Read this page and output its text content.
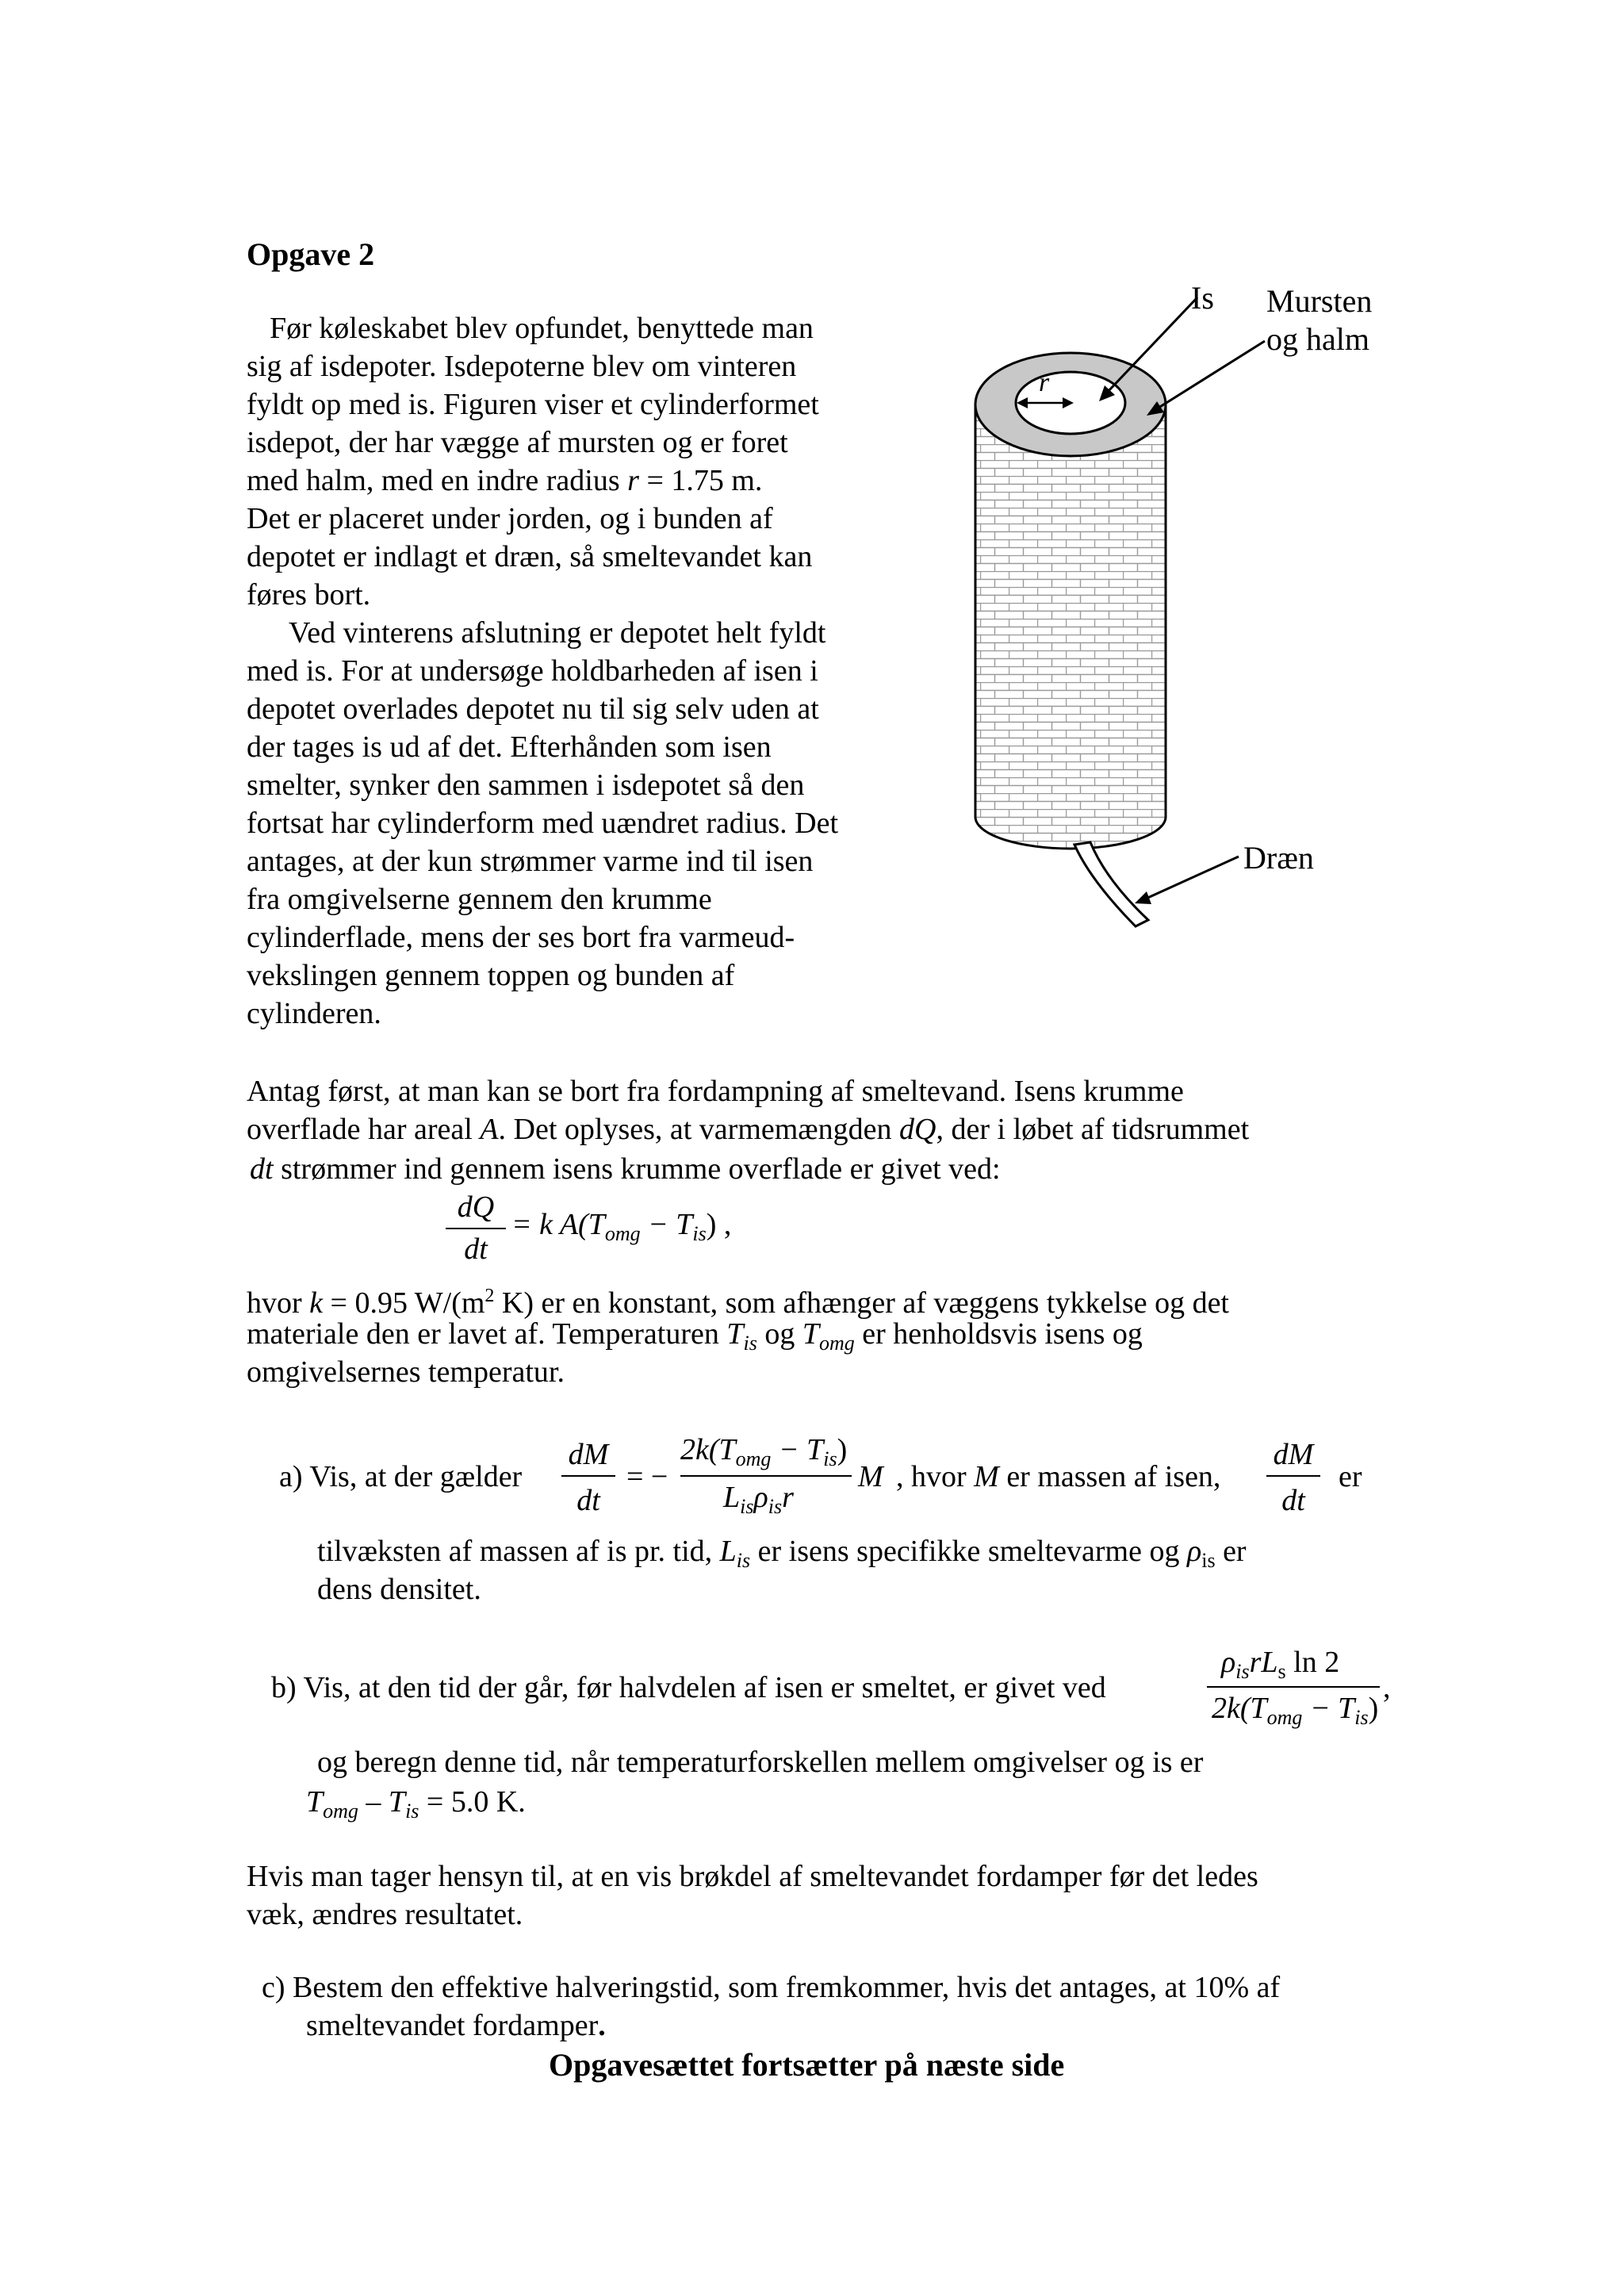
Opgave 2
Før køleskabet blev opfundet, benyttede man
sig af isdepoter. Isdepoterne blev om vinteren
fyldt op med is. Figuren viser et cylinderformet
isdepot, der har vægge af mursten og er foret
med halm, med en indre radius r = 1.75 m.
Det er placeret under jorden, og i bunden af
depotet er indlagt et dræn, så smeltevandet kan
føres bort.
Ved vinterens afslutning er depotet helt fyldt
med is. For at undersøge holdbarheden af isen i
depotet overlades depotet nu til sig selv uden at
der tages is ud af det. Efterhånden som isen
smelter, synker den sammen i isdepotet så den
fortsat har cylinderform med uændret radius. Det
antages, at der kun strømmer varme ind til isen
fra omgivelserne gennem den krumme
cylinderflade, mens der ses bort fra varmeud-
vekslingen gennem toppen og bunden af
cylinderen.
Is Mursten
og halm
r
Dræn
Antag først, at man kan se bort fra fordampning af smeltevand. Isens krumme
overflade har areal A. Det oplyses, at varmemængden dQ, der i løbet af tidsrummet
dt strømmer ind gennem isens krumme overflade er givet ved:
dQ
dt
= k $A(T_{omg} - T_{is})$ ,
hvor k = 0.95 $W/(m^2$ K) er en konstant, som afhænger af væggens tykkelse og det
materiale den er lavet af. Temperaturen $T_{is}$ og $T_{omg}$ er henholdsvis isens og
omgivelsernes temperatur.
a) Vis, at der gælder
dM
dt
= −
$2k(T_{omg} - T_{is})$
$L_{is}\rho_{is}r$
M , hvor M er massen af isen,
dM
dt
er
tilvæksten af massen af is pr. tid, $L_{is}$ er isens specifikke smeltevarme og $\rho_{is}$ er
dens densitet.
b) Vis, at den tid der går, før halvdelen af isen er smeltet, er givet ved
$\rho_{is}rL_s$ ln 2
$2k(T_{omg} - T_{is})$
,
og beregn denne tid, når temperaturforskellen mellem omgivelser og is er
$T_{omg} - T_{is} = 5.0$ K.
Hvis man tager hensyn til, at en vis brøkdel af smeltevandet fordamper før det ledes
væk, ændres resultatet.
c) Bestem den effektive halveringstid, som fremkommer, hvis det antages, at 10% af
smeltevandet fordamper.
Opgavesættet fortsætter på næste side
